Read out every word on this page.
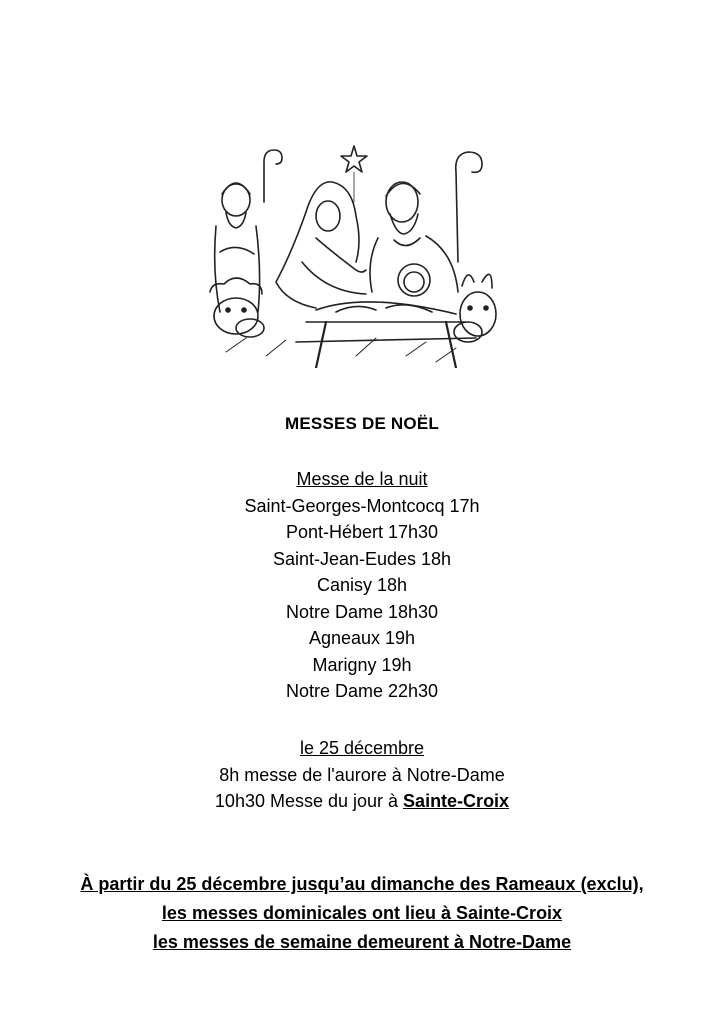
MESSES DE NOËL
Messe de la nuit
Saint-Georges-Montcocq 17h
Pont-Hébert 17h30
Saint-Jean-Eudes 18h
Canisy 18h
Notre Dame 18h30
Agneaux 19h
Marigny 19h
Notre Dame 22h30
le 25 décembre
8h messe de l'aurore à Notre-Dame
10h30 Messe du jour à Sainte-Croix
À partir du 25 décembre jusqu’au dimanche des Rameaux (exclu),
les messes dominicales ont lieu à Sainte-Croix
les messes de semaine demeurent à Notre-Dame
